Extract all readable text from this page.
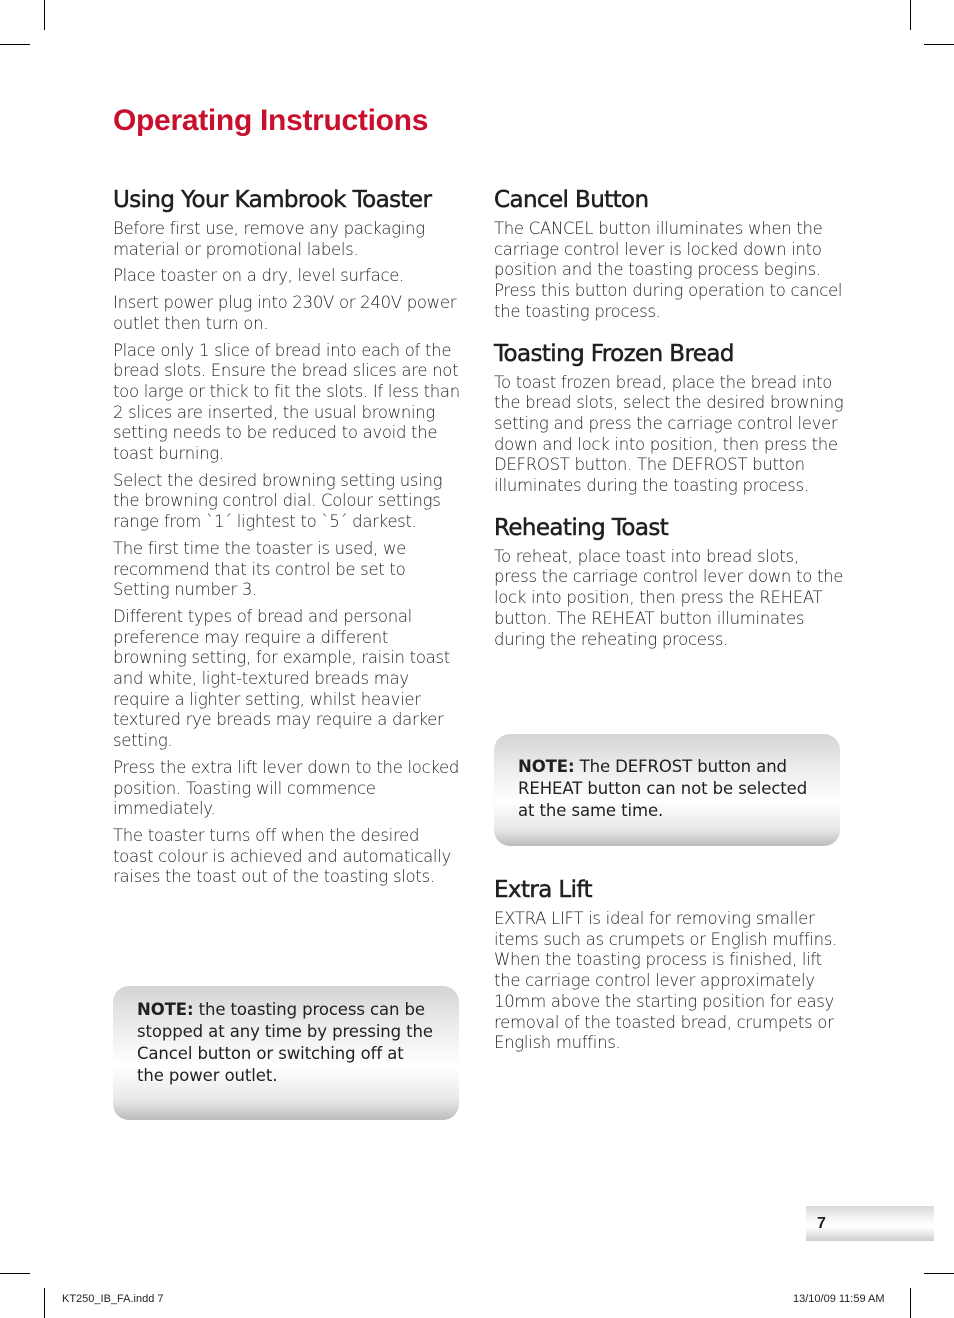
Operating Instructions
Using Your Kambrook Toaster

Before first use, remove any packaging material or promotional labels.

Place toaster on a dry, level surface.

Insert power plug into 230V or 240V power outlet then turn on.

Place only 1 slice of bread into each of the bread slots. Ensure the bread slices are not too large or thick to fit the slots. If less than 2 slices are inserted, the usual browning setting needs to be reduced to avoid the toast burning.

Select the desired browning setting using the browning control dial. Colour settings range from `1´ lightest to `5´ darkest.

The first time the toaster is used, we recommend that its control be set to Setting number 3.

Different types of bread and personal preference may require a different browning setting, for example, raisin toast and white, light-textured breads may require a lighter setting, whilst heavier textured rye breads may require a darker setting.

Press the extra lift lever down to the locked position. Toasting will commence immediately.

The toaster turns off when the desired toast colour is achieved and automatically raises the toast out of the toasting slots.

NOTE: the toasting process can be stopped at any time by pressing the Cancel button or switching off at the power outlet.
Cancel Button

The CANCEL button illuminates when the carriage control lever is locked down into position and the toasting process begins. Press this button during operation to cancel the toasting process.

Toasting Frozen Bread

To toast frozen bread, place the bread into the bread slots, select the desired browning setting and press the carriage control lever down and lock into position, then press the DEFROST button. The DEFROST button illuminates during the toasting process.

Reheating Toast

To reheat, place toast into bread slots, press the carriage control lever down to the lock into position, then press the REHEAT button. The REHEAT button illuminates during the reheating process.

NOTE: The DEFROST button and REHEAT button can not be selected at the same time.
Extra Lift

EXTRA LIFT is ideal for removing smaller items such as crumpets or English muffins. When the toasting process is finished, lift the carriage control lever approximately 10mm above the starting position for easy removal of the toasted bread, crumpets or English muffins.

7
KT250_IB_FA.indd 7	13/10/09 11:59 AM
